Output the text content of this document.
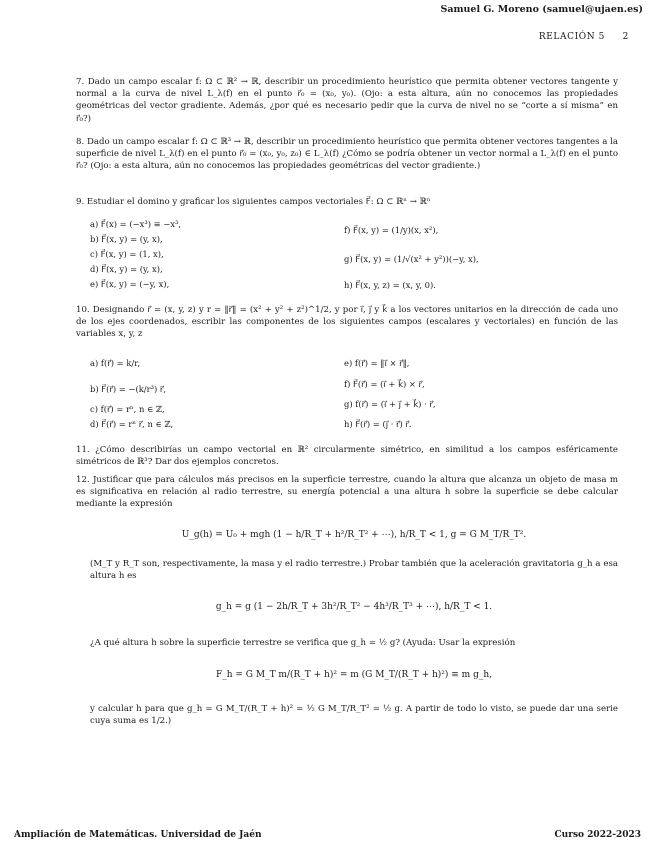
Samuel G. Moreno (samuel@ujaen.es)
RELACIÓN 5 2
7. Dado un campo escalar f: Ω ⊂ ℝ² → ℝ, describir un procedimiento heurístico que permita obtener vectores tangente y normal a la curva de nivel L_λ(f) en el punto r⃗₀ = (x₀, y₀). (Ojo: a esta altura, aún no conocemos las propiedades geométricas del vector gradiente. Además, ¿por qué es necesario pedir que la curva de nivel no se “corte a sí misma” en r⃗₀?)
8. Dado un campo escalar f: Ω ⊂ ℝ³ → ℝ, describir un procedimiento heurístico que permita obtener vectores tangentes a la superficie de nivel L_λ(f) en el punto r⃗₀ = (x₀, y₀, z₀) ∈ L_λ(f) ¿Cómo se podría obtener un vector normal a L_λ(f) en el punto r⃗₀? (Ojo: a esta altura, aún no conocemos las propiedades geométricas del vector gradiente.)
9. Estudiar el domino y graficar los siguientes campos vectoriales F⃗: Ω ⊂ ℝⁿ → ℝⁿ
a) F⃗(x) = (−x³) ≡ −x³,
b) F⃗(x, y) = (y, x),
c) F⃗(x, y) = (1, x),
d) F⃗(x, y) = (y, x),
e) F⃗(x, y) = (−y, x),
f) F⃗(x, y) = (1/y)(x, x²),
g) F⃗(x, y) = (1/√(x² + y²))(−y, x),
h) F⃗(x, y, z) = (x, y, 0).
10. Designando r⃗ = (x, y, z) y r = ‖r⃗‖ = (x² + y² + z²)^1/2, y por ı⃗, ȷ⃗ y k⃗ a los vectores unitarios en la dirección de cada uno de los ejes coordenados, escribir las componentes de los siguientes campos (escalares y vectoriales) en función de las variables x, y, z
a) f(r⃗) = k/r,
b) F⃗(r⃗) = −(k/r³) r⃗,
c) f(r⃗) = rⁿ, n ∈ ℤ,
d) F⃗(r⃗) = rⁿ r⃗, n ∈ ℤ,
e) f(r⃗) = ‖ı⃗ × r⃗‖,
f) F⃗(r⃗) = (ı⃗ + k⃗) × r⃗,
g) f(r⃗) = (ı⃗ + ȷ⃗ + k⃗) · r⃗,
h) F⃗(r⃗) = (ȷ⃗ · r⃗) r⃗.
11. ¿Cómo describirías un campo vectorial en ℝ² circularmente simétrico, en similitud a los campos esféricamente simétricos de ℝ³? Dar dos ejemplos concretos.
12. Justificar que para cálculos más precisos en la superficie terrestre, cuando la altura que alcanza un objeto de masa m es significativa en relación al radio terrestre, su energía potencial a una altura h sobre la superficie se debe calcular mediante la expresión
U_g(h) = U₀ + mgh (1 − h/R_T + h²/R_T² + ⋯), h/R_T < 1, g = G M_T/R_T².
(M_T y R_T son, respectivamente, la masa y el radio terrestre.) Probar también que la aceleración gravitatoria g_h a esa altura h es
g_h = g (1 − 2h/R_T + 3h²/R_T² − 4h³/R_T³ + ⋯), h/R_T < 1.
¿A qué altura h sobre la superficie terrestre se verifica que g_h = ½ g? (Ayuda: Usar la expresión
F_h = G M_T m/(R_T + h)² = m (G M_T/(R_T + h)²) ≡ m g_h,
y calcular h para que g_h = G M_T/(R_T + h)² = ½ G M_T/R_T² = ½ g. A partir de todo lo visto, se puede dar una serie cuya suma es 1/2.)
Ampliación de Matemáticas. Universidad de Jaén	Curso 2022-2023
